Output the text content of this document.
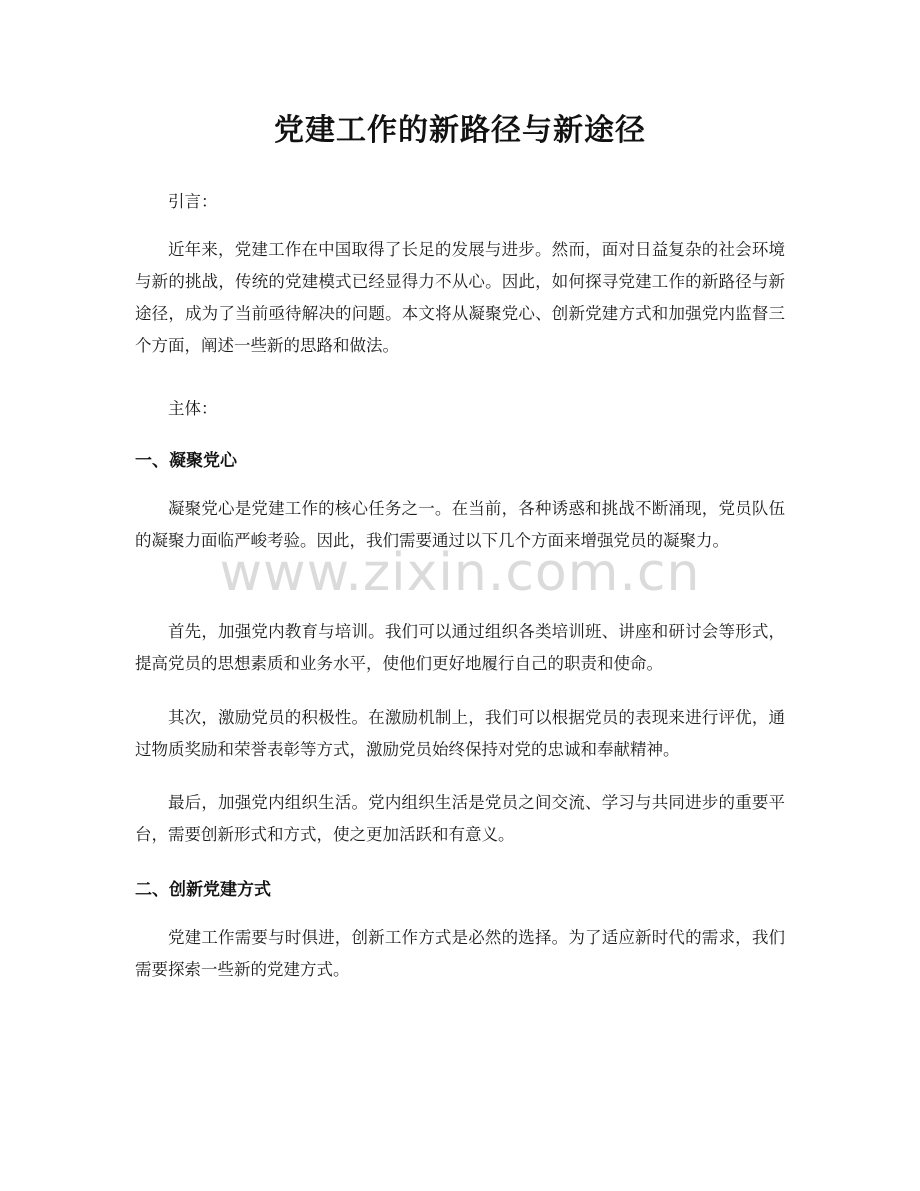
党建工作的新路径与新途径
引言：
近年来，党建工作在中国取得了长足的发展与进步。然而，面对日益复杂的社会环境与新的挑战，传统的党建模式已经显得力不从心。因此，如何探寻党建工作的新路径与新途径，成为了当前亟待解决的问题。本文将从凝聚党心、创新党建方式和加强党内监督三个方面，阐述一些新的思路和做法。
主体：
一、凝聚党心
凝聚党心是党建工作的核心任务之一。在当前，各种诱惑和挑战不断涌现，党员队伍的凝聚力面临严峻考验。因此，我们需要通过以下几个方面来增强党员的凝聚力。
首先，加强党内教育与培训。我们可以通过组织各类培训班、讲座和研讨会等形式，提高党员的思想素质和业务水平，使他们更好地履行自己的职责和使命。
其次，激励党员的积极性。在激励机制上，我们可以根据党员的表现来进行评优，通过物质奖励和荣誉表彰等方式，激励党员始终保持对党的忠诚和奉献精神。
最后，加强党内组织生活。党内组织生活是党员之间交流、学习与共同进步的重要平台，需要创新形式和方式，使之更加活跃和有意义。
二、创新党建方式
党建工作需要与时俱进，创新工作方式是必然的选择。为了适应新时代的需求，我们需要探索一些新的党建方式。
www.zixin.com.cn
